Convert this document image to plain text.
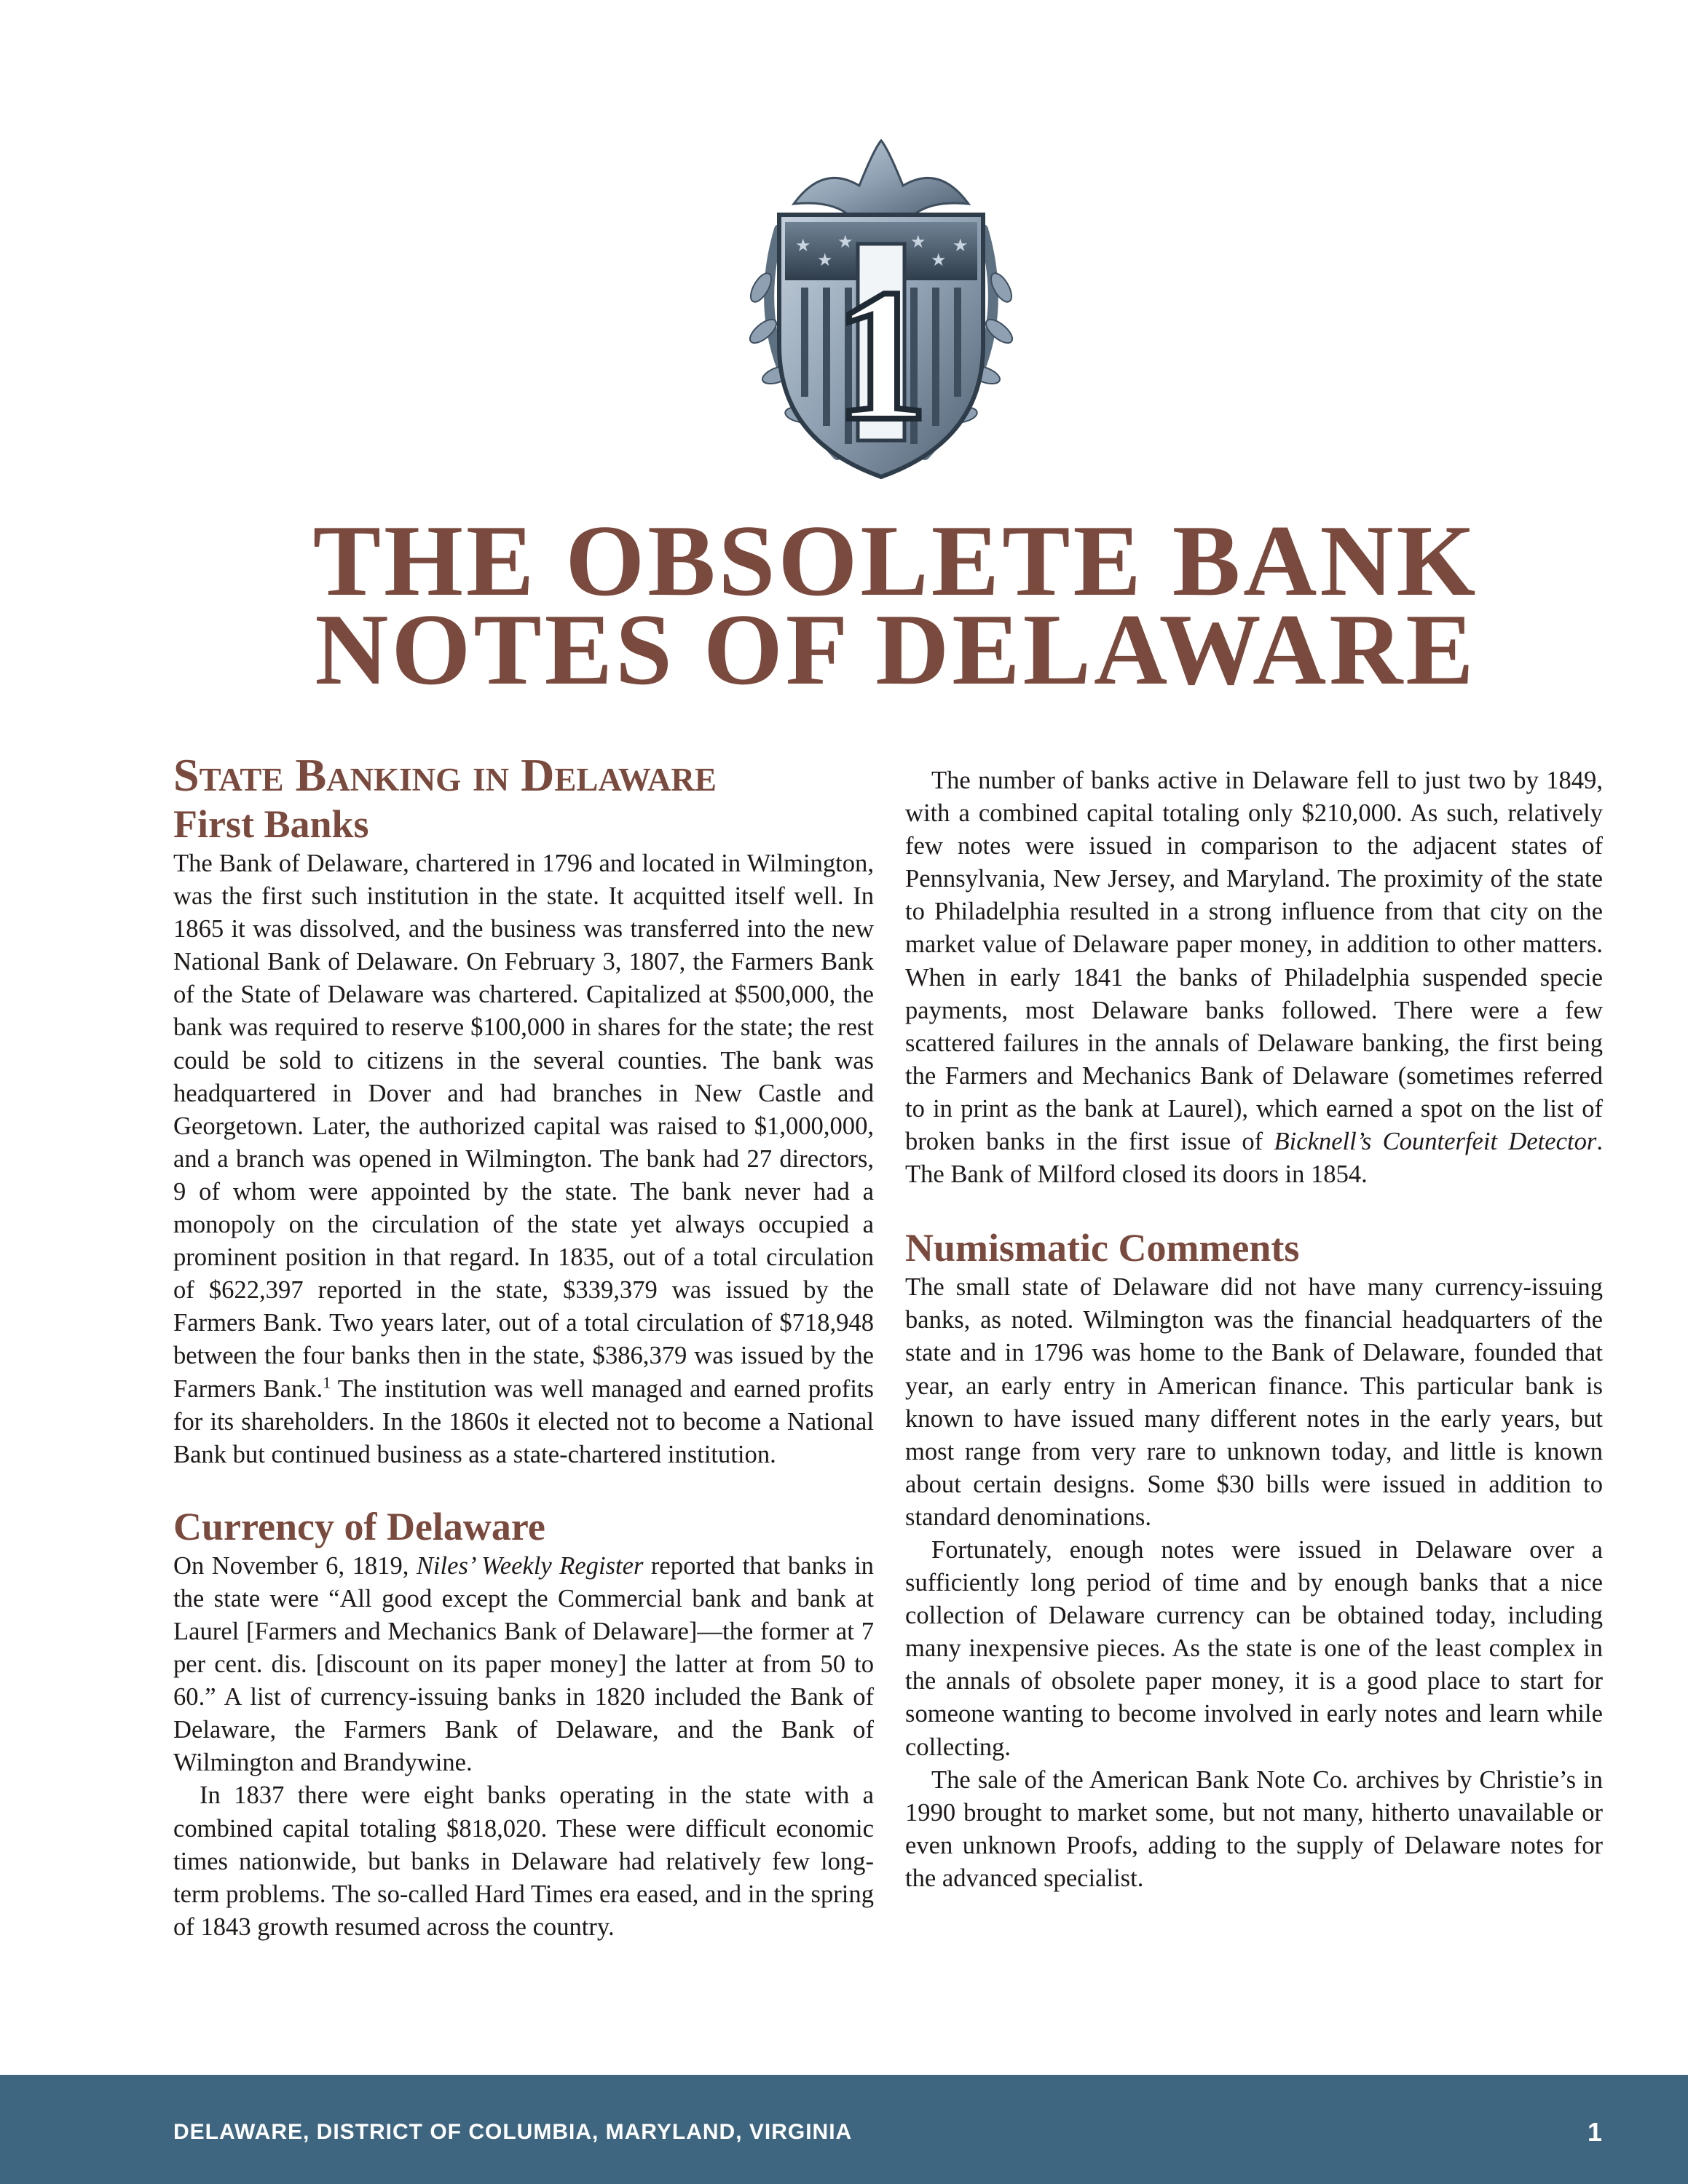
★
★
★	★
★
★
1
THE OBSOLETE BANK
NOTES OF DELAWARE
State Banking in Delaware
First Banks

The Bank of Delaware, chartered in 1796 and located in Wilmington, was the first such institution in the state. It acquitted itself well. In 1865 it was dissolved, and the business was transferred into the new National Bank of Delaware. On February 3, 1807, the Farmers Bank of the State of Delaware was chartered. Capitalized at $500,000, the bank was required to reserve $100,000 in shares for the state; the rest could be sold to citizens in the several counties. The bank was headquartered in Dover and had branches in New Castle and Georgetown. Later, the authorized capital was raised to $1,000,000, and a branch was opened in Wilmington. The bank had 27 directors, 9 of whom were appointed by the state. The bank never had a monopoly on the circulation of the state yet always occupied a prominent position in that regard. In 1835, out of a total circulation of $622,397 reported in the state, $339,379 was issued by the Farmers Bank. Two years later, out of a total circulation of $718,948 between the four banks then in the state, $386,379 was issued by the Farmers Bank.$^1$ The institution was well managed and earned profits for its shareholders. In the 1860s it elected not to become a National Bank but continued business as a state-chartered institution.

Currency of Delaware

On November 6, 1819, Niles’ Weekly Register reported that banks in the state were “All good except the Commercial bank and bank at Laurel [Farmers and Mechanics Bank of Delaware]—the former at 7 per cent. dis. [discount on its paper money] the latter at from 50 to 60.” A list of currency-issuing banks in 1820 included the Bank of Delaware, the Farmers Bank of Delaware, and the Bank of Wilmington and Brandywine.

In 1837 there were eight banks operating in the state with a combined capital totaling $818,020. These were difficult economic times nationwide, but banks in Delaware had relatively few long-term problems. The so-called Hard Times era eased, and in the spring of 1843 growth resumed across the country.

The number of banks active in Delaware fell to just two by 1849, with a combined capital totaling only $210,000. As such, relatively few notes were issued in comparison to the adjacent states of Pennsylvania, New Jersey, and Maryland. The proximity of the state to Philadelphia resulted in a strong influence from that city on the market value of Delaware paper money, in addition to other matters. When in early 1841 the banks of Philadelphia suspended specie payments, most Delaware banks followed. There were a few scattered failures in the annals of Delaware banking, the first being the Farmers and Mechanics Bank of Delaware (sometimes referred to in print as the bank at Laurel), which earned a spot on the list of broken banks in the first issue of Bicknell’s Counterfeit Detector. The Bank of Milford closed its doors in 1854.

Numismatic Comments

The small state of Delaware did not have many currency-issuing banks, as noted. Wilmington was the financial headquarters of the state and in 1796 was home to the Bank of Delaware, founded that year, an early entry in American finance. This particular bank is known to have issued many different notes in the early years, but most range from very rare to unknown today, and little is known about certain designs. Some $30 bills were issued in addition to standard denominations.

Fortunately, enough notes were issued in Delaware over a sufficiently long period of time and by enough banks that a nice collection of Delaware currency can be obtained today, including many inexpensive pieces. As the state is one of the least complex in the annals of obsolete paper money, it is a good place to start for someone wanting to become involved in early notes and learn while collecting.

The sale of the American Bank Note Co. archives by Christie’s in 1990 brought to market some, but not many, hitherto unavailable or even unknown Proofs, adding to the supply of Delaware notes for the advanced specialist.

DELAWARE, DISTRICT OF COLUMBIA, MARYLAND, VIRGINIA	1
